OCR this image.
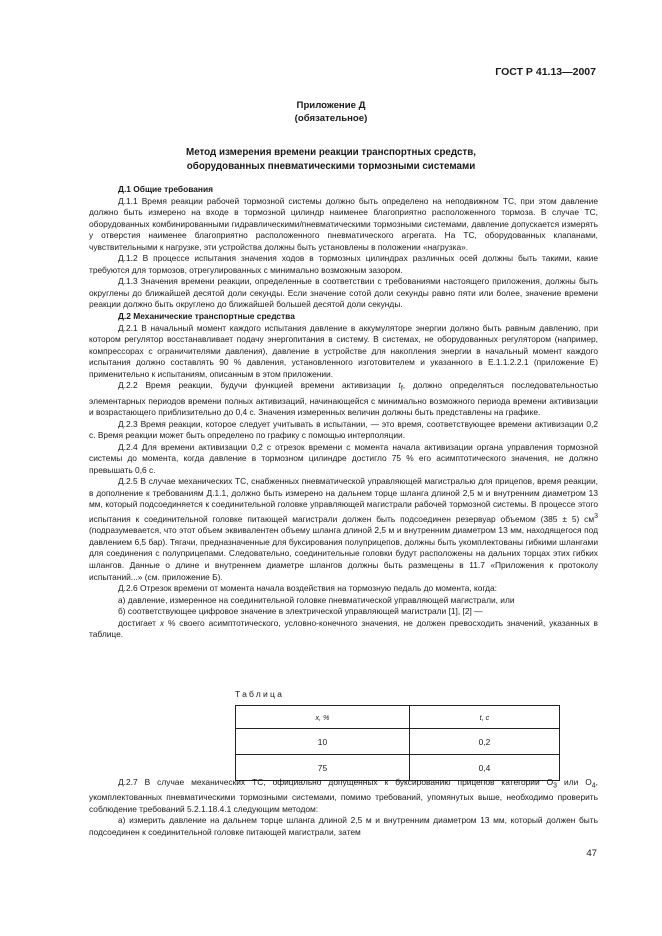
ГОСТ Р 41.13—2007
Приложение Д
(обязательное)
Метод измерения времени реакции транспортных средств,
оборудованных пневматическими тормозными системами
Д.1 Общие требования

Д.1.1 Время реакции рабочей тормозной системы должно быть определено на неподвижном ТС, при этом давление должно быть измерено на входе в тормозной цилиндр наименее благоприятно расположенного тормоза. В случае ТС, оборудованных комбинированными гидравлическими/пневматическими тормозными системами, давление допускается измерять у отверстия наименее благоприятно расположенного пневматического агрегата. На ТС, оборудованных клапанами, чувствительными к нагрузке, эти устройства должны быть установлены в положении «нагрузка».

Д.1.2 В процессе испытания значения ходов в тормозных цилиндрах различных осей должны быть такими, какие требуются для тормозов, отрегулированных с минимально возможным зазором.

Д.1.3 Значения времени реакции, определенные в соответствии с требованиями настоящего приложения, должны быть округлены до ближайшей десятой доли секунды. Если значение сотой доли секунды равно пяти или более, значение времени реакции должно быть округлено до ближайшей большей десятой доли секунды.

Д.2 Механические транспортные средства

Д.2.1 В начальный момент каждого испытания давление в аккумуляторе энергии должно быть равным давлению, при котором регулятор восстанавливает подачу энергопитания в систему. В системах, не оборудованных регулятором (например, компрессорах с ограничителями давления), давление в устройстве для накопления энергии в начальный момент каждого испытания должно составлять 90 % давления, установленного изготовителем и указанного в Е.1.1.2.2.1 (приложение Е) применительно к испытаниям, описанным в этом приложении.

Д.2.2 Время реакции, будучи функцией времени активизации $t_f$, должно определяться последовательностью элементарных периодов времени полных активизаций, начинающейся с минимально возможного периода времени активизации и возрастающего приблизительно до 0,4 с. Значения измеренных величин должны быть представлены на графике.

Д.2.3 Время реакции, которое следует учитывать в испытании, — это время, соответствующее времени активизации 0,2 с. Время реакции может быть определено по графику с помощью интерполяции.

Д.2.4 Для времени активизации 0,2 с отрезок времени с момента начала активизации органа управления тормозной системы до момента, когда давление в тормозном цилиндре достигло 75 % его асимптотического значения, не должно превышать 0,6 с.

Д.2.5 В случае механических ТС, снабженных пневматической управляющей магистралью для прицепов, время реакции, в дополнение к требованиям Д.1.1, должно быть измерено на дальнем торце шланга длиной 2,5 м и внутренним диаметром 13 мм, который подсоединяется к соединительной головке управляющей магистрали рабочей тормозной системы. В процессе этого испытания к соединительной головке питающей магистрали должен быть подсоединен резервуар объемом (385 ± 5) $см^3$ (подразумевается, что этот объем эквивалентен объему шланга длиной 2,5 м и внутренним диаметром 13 мм, находящегося под давлением 6,5 бар). Тягачи, предназначенные для буксирования полуприцепов, должны быть укомплектованы гибкими шлангами для соединения с полуприцепами. Следовательно, соединительные головки будут расположены на дальних торцах этих гибких шлангов. Данные о длине и внутреннем диаметре шлангов должны быть размещены в 11.7 «Приложения к протоколу испытаний...» (см. приложение Б).

Д.2.6 Отрезок времени от момента начала воздействия на тормозную педаль до момента, когда:

а) давление, измеренное на соединительной головке пневматической управляющей магистрали, или

б) соответствующее цифровое значение в электрической управляющей магистрали [1], [2] —

достигает x % своего асимптотического, условно-конечного значения, не должен превосходить значений, указанных в таблице.

Таблица
x, %	t, с
10	0,2
75	0,4

Д.2.7 В случае механических ТС, официально допущенных к буксированию прицепов категории $O_3$ или $O_4$, укомплектованных пневматическими тормозными системами, помимо требований, упомянутых выше, необходимо проверить соблюдение требований 5.2.1.18.4.1 следующим методом:

а) измерить давление на дальнем торце шланга длиной 2,5 м и внутренним диаметром 13 мм, который должен быть подсоединен к соединительной головке питающей магистрали, затем

47
